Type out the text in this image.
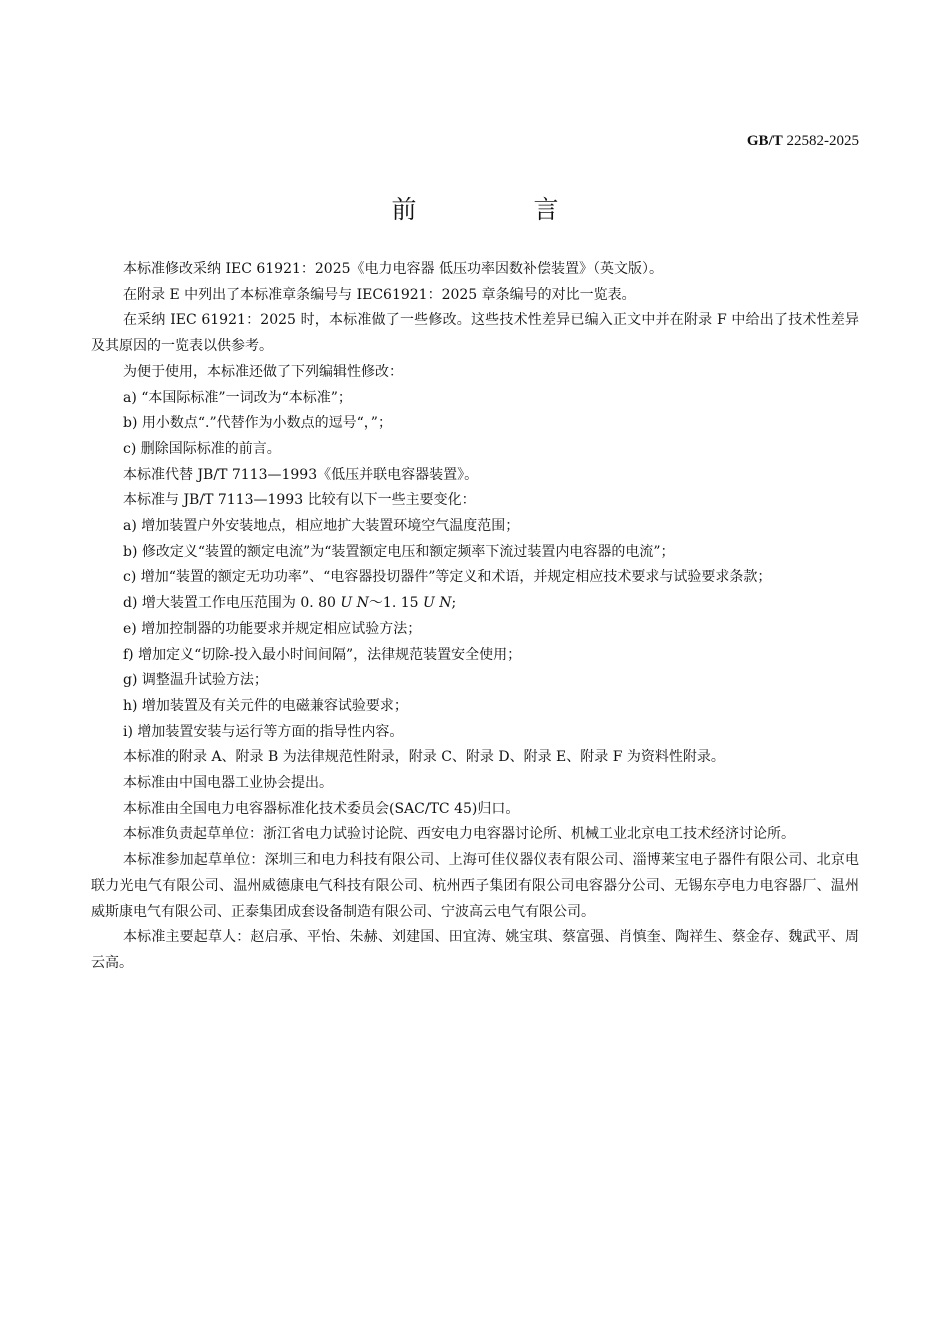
GB/T 22582-2025
前　言

本标准修改采纳 IEC 61921：2025《电力电容器 低压功率因数补偿装置》（英文版）。

在附录 E 中列出了本标准章条编号与 IEC61921：2025 章条编号的对比一览表。

在采纳 IEC 61921：2025 时，本标准做了一些修改。这些技术性差异已编入正文中并在附录 F 中给出了技术性差异及其原因的一览表以供参考。

为便于使用，本标准还做了下列编辑性修改：

a) “本国际标准”一词改为“本标准”；

b) 用小数点“.”代替作为小数点的逗号“，”；

c) 删除国际标准的前言。

本标准代替 JB/T 7113—1993《低压并联电容器装置》。

本标准与 JB/T 7113—1993 比较有以下一些主要变化：

a) 增加装置户外安装地点，相应地扩大装置环境空气温度范围；

b) 修改定义“装置的额定电流”为“装置额定电压和额定频率下流过装置内电容器的电流”；

c) 增加“装置的额定无功功率”、“电容器投切器件”等定义和术语，并规定相应技术要求与试验要求条款；

d) 增大装置工作电压范围为 0. 80 U N～1. 15 U N;

e) 增加控制器的功能要求并规定相应试验方法；

f) 增加定义“切除-投入最小时间间隔”，法律规范装置安全使用；

g) 调整温升试验方法；

h) 增加装置及有关元件的电磁兼容试验要求；

i) 增加装置安装与运行等方面的指导性内容。

本标准的附录 A、附录 B 为法律规范性附录，附录 C、附录 D、附录 E、附录 F 为资料性附录。

本标准由中国电器工业协会提出。

本标准由全国电力电容器标准化技术委员会(SAC/TC 45)归口。

本标准负责起草单位：浙江省电力试验讨论院、西安电力电容器讨论所、机械工业北京电工技术经济讨论所。

本标准参加起草单位：深圳三和电力科技有限公司、上海可佳仪器仪表有限公司、淄博莱宝电子器件有限公司、北京电联力光电气有限公司、温州威德康电气科技有限公司、杭州西子集团有限公司电容器分公司、无锡东亭电力电容器厂、温州威斯康电气有限公司、正泰集团成套设备制造有限公司、宁波高云电气有限公司。

本标准主要起草人：赵启承、平怡、朱赫、刘建国、田宜涛、姚宝琪、蔡富强、肖慎奎、陶祥生、蔡金存、魏武平、周云高。
